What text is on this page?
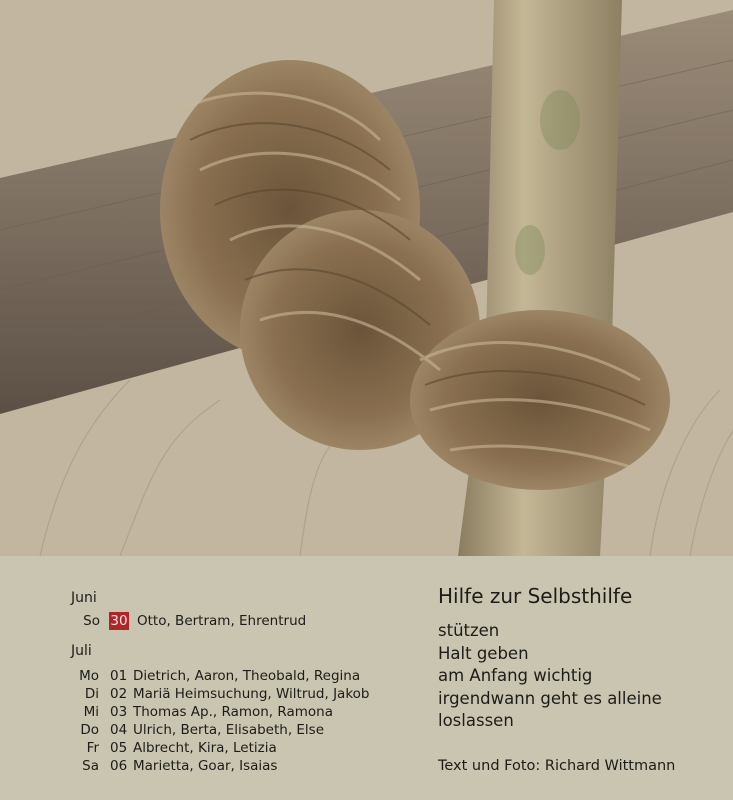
Juni
So 30 Otto, Bertram, Ehrentrud
Juli
Mo 01 Dietrich, Aaron, Theobald, Regina
Di 02 Mariä Heimsuchung, Wiltrud, Jakob
Mi 03 Thomas Ap., Ramon, Ramona
Do 04 Ulrich, Berta, Elisabeth, Else
Fr 05 Albrecht, Kira, Letizia
Sa 06 Marietta, Goar, Isaias
Hilfe zur Selbsthilfe
stützen
Halt geben
am Anfang wichtig
irgendwann geht es alleine
loslassen
Text und Foto: Richard Wittmann
